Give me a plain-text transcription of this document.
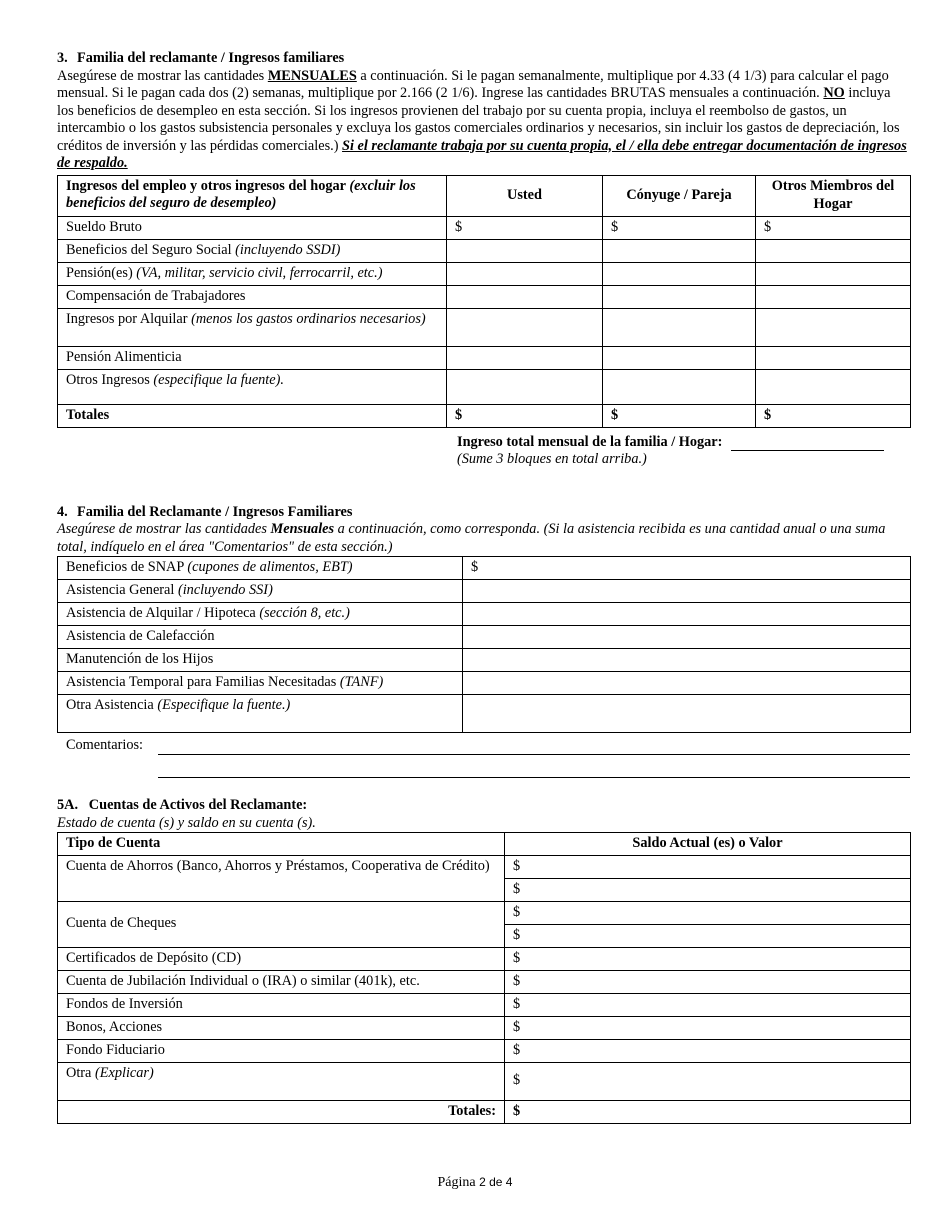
3. Familia del reclamante / Ingresos familiares

Asegúrese de mostrar las cantidades MENSUALES a continuación. Si le pagan semanalmente, multiplique por 4.33 (4 1/3) para calcular el pago mensual. Si le pagan cada dos (2) semanas, multiplique por 2.166 (2 1/6). Ingrese las cantidades BRUTAS mensuales a continuación. NO incluya los beneficios de desempleo en esta sección. Si los ingresos provienen del trabajo por su cuenta propia, incluya el reembolso de gastos, un intercambio o los gastos subsistencia personales y excluya los gastos comerciales ordinarios y necesarios, sin incluir los gastos de depreciación, los créditos de inversión y las pérdidas comerciales.) Si el reclamante trabaja por su cuenta propia, el / ella debe entregar documentación de ingresos de respaldo.

Ingresos del empleo y otros ingresos del hogar (excluir los beneficios del seguro de desempleo)	Usted	Cónyuge / Pareja	Otros Miembros del Hogar
Sueldo Bruto	$	$	$
Beneficios del Seguro Social (incluyendo SSDI)			
Pensión(es) (VA, militar, servicio civil, ferrocarril, etc.)			
Compensación de Trabajadores			
Ingresos por Alquilar (menos los gastos ordinarios necesarios)			
Pensión Alimenticia			
Otros Ingresos (especifique la fuente).			
Totales	$	$	$
Ingreso total mensual de la familia / Hogar:
(Sume 3 bloques en total arriba.)

4. Familia del Reclamante / Ingresos Familiares

Asegúrese de mostrar las cantidades Mensuales a continuación, como corresponda. (Si la asistencia recibida es una cantidad anual o una suma total, indíquelo en el área "Comentarios" de esta sección.)

Beneficios de SNAP (cupones de alimentos, EBT)	$
Asistencia General (incluyendo SSI)	
Asistencia de Alquilar / Hipoteca (sección 8, etc.)	
Asistencia de Calefacción	
Manutención de los Hijos	
Asistencia Temporal para Familias Necesitadas (TANF)	
Otra Asistencia (Especifique la fuente.)	
Comentarios:

5A. Cuentas de Activos del Reclamante:

Estado de cuenta (s) y saldo en su cuenta (s).

Tipo de Cuenta	Saldo Actual (es) o Valor
Cuenta de Ahorros (Banco, Ahorros y Préstamos, Cooperativa de Crédito)	$
	$
Cuenta de Cheques	$
	$
Certificados de Depósito (CD)	$
Cuenta de Jubilación Individual o (IRA) o similar (401k), etc.	$
Fondos de Inversión	$
Bonos, Acciones	$
Fondo Fiduciario	$
Otra (Explicar)	$
Totales:	$
Página 2 de 4
